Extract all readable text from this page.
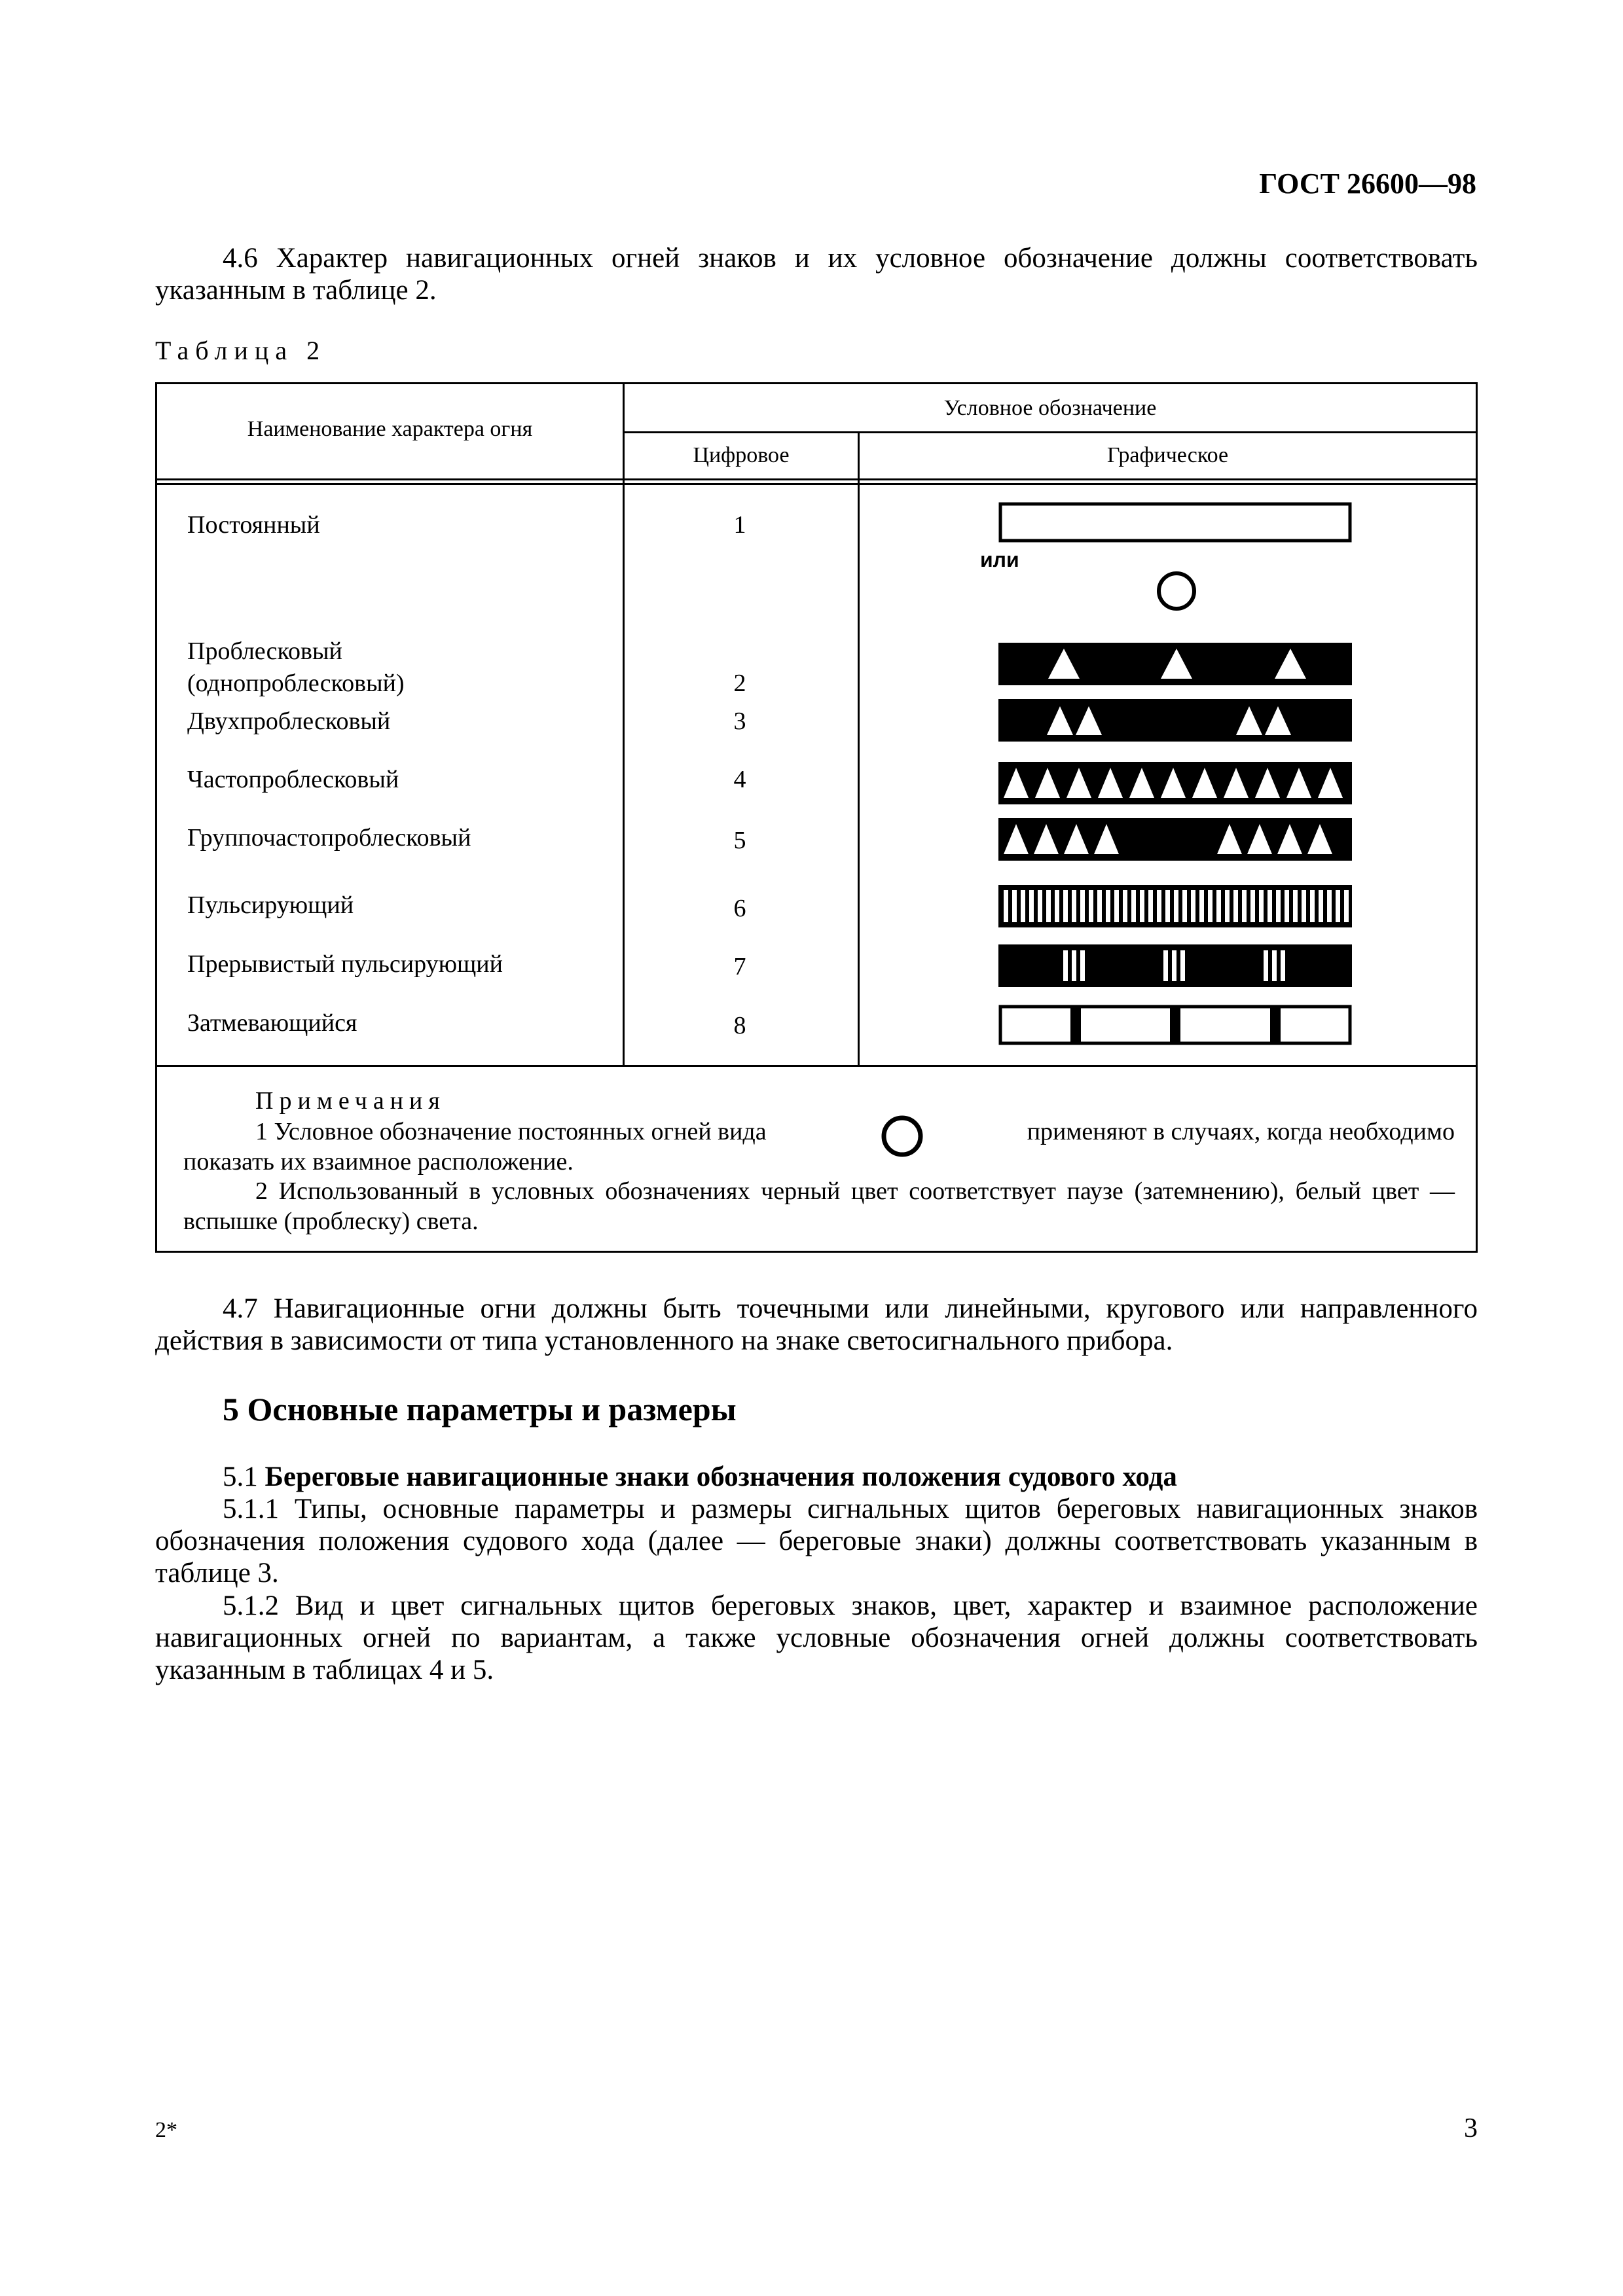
ГОСТ 26600—98
4.6 Характер навигационных огней знаков и их условное обозначение должны соответствовать указанным в таблице 2.
Таблица 2
Наименование характера огня
Условное обозначение
Цифровое	Графическое
Постоянный	1
Проблесковый
(однопроблесковый)	2
Двухпроблесковый	3
Частопроблесковый	4
Группочастопроблесковый	5
Пульсирующий	6
Прерывистый пульсирующий	7
Затмевающийся	8
или
Примечания
1 Условное обозначение постоянных огней вида	применяют в случаях, когда необходимо
показать их взаимное расположение.
2 Использованный в условных обозначениях черный цвет соответствует паузе (затемнению), белый цвет — вспышке (проблеску) света.
4.7 Навигационные огни должны быть точечными или линейными, кругового или направленного действия в зависимости от типа установленного на знаке светосигнального прибора.
5 Основные параметры и размеры
5.1 Береговые навигационные знаки обозначения положения судового хода
5.1.1 Типы, основные параметры и размеры сигнальных щитов береговых навигационных знаков обозначения положения судового хода (далее — береговые знаки) должны соответствовать указанным в таблице 3.
5.1.2 Вид и цвет сигнальных щитов береговых знаков, цвет, характер и взаимное расположение навигационных огней по вариантам, а также условные обозначения огней должны соответствовать указанным в таблицах 4 и 5.
2*	3
